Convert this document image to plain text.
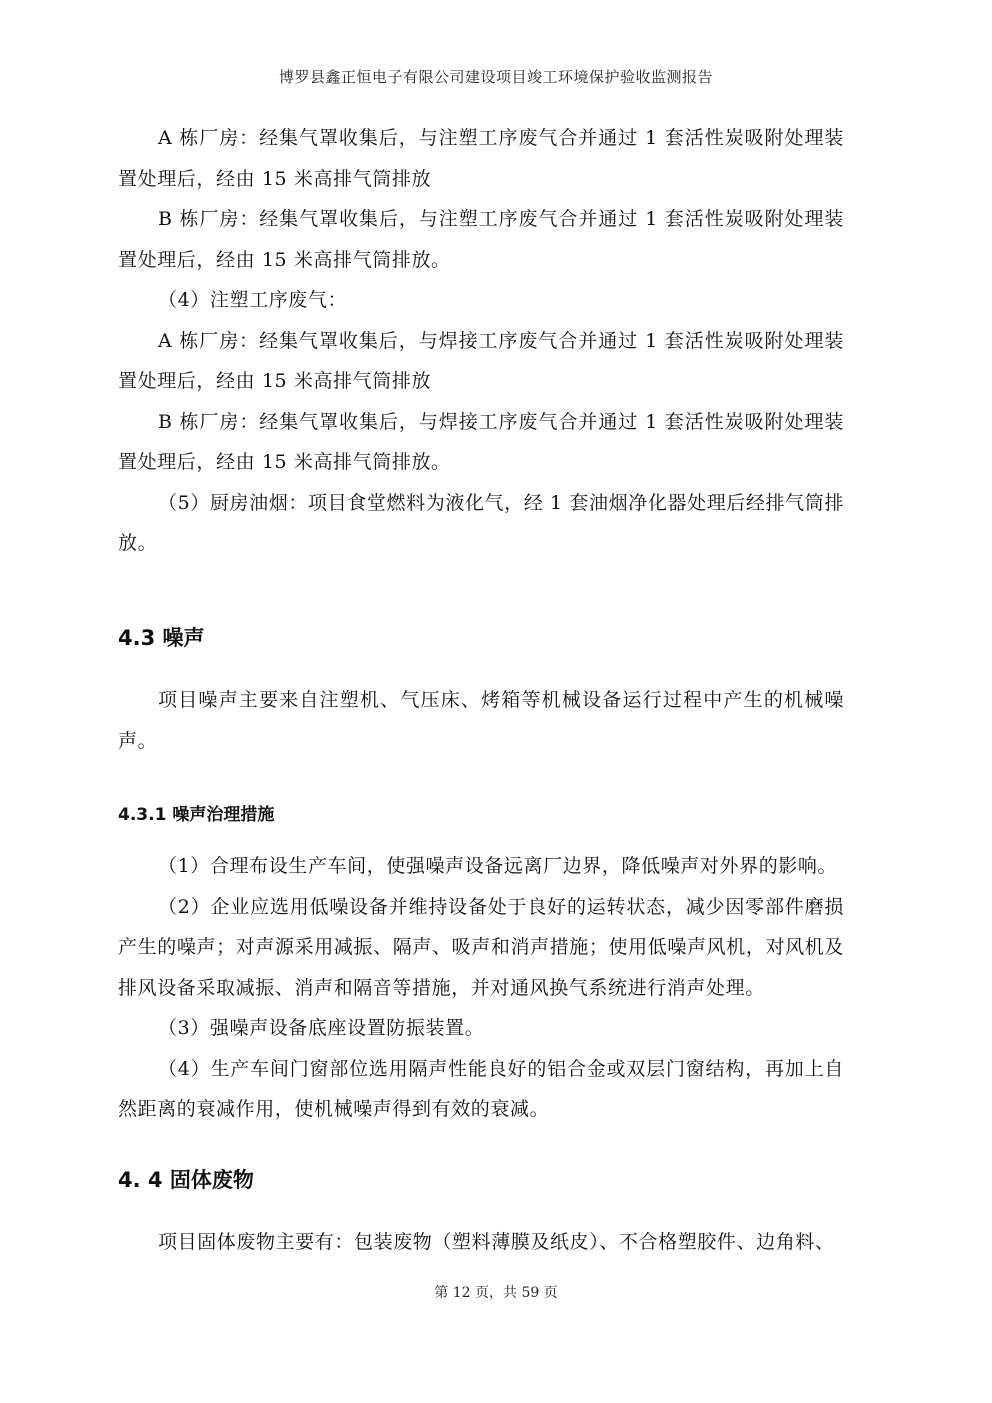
博罗县鑫正恒电子有限公司建设项目竣工环境保护验收监测报告

A 栋厂房：经集气罩收集后，与注塑工序废气合并通过 1 套活性炭吸附处理装置处理后，经由 15 米高排气筒排放

B 栋厂房：经集气罩收集后，与注塑工序废气合并通过 1 套活性炭吸附处理装置处理后，经由 15 米高排气筒排放。

（4）注塑工序废气：

A 栋厂房：经集气罩收集后，与焊接工序废气合并通过 1 套活性炭吸附处理装置处理后，经由 15 米高排气筒排放

B 栋厂房：经集气罩收集后，与焊接工序废气合并通过 1 套活性炭吸附处理装置处理后，经由 15 米高排气筒排放。

（5）厨房油烟：项目食堂燃料为液化气，经 1 套油烟净化器处理后经排气筒排放。

4.3 噪声

项目噪声主要来自注塑机、气压床、烤箱等机械设备运行过程中产生的机械噪声。

4.3.1 噪声治理措施

（1）合理布设生产车间，使强噪声设备远离厂边界，降低噪声对外界的影响。

（2）企业应选用低噪设备并维持设备处于良好的运转状态，减少因零部件磨损产生的噪声；对声源采用减振、隔声、吸声和消声措施；使用低噪声风机，对风机及排风设备采取减振、消声和隔音等措施，并对通风换气系统进行消声处理。

（3）强噪声设备底座设置防振装置。

（4）生产车间门窗部位选用隔声性能良好的铝合金或双层门窗结构，再加上自然距离的衰减作用，使机械噪声得到有效的衰减。

4. 4 固体废物

项目固体废物主要有：包装废物（塑料薄膜及纸皮）、不合格塑胶件、边角料、

第 12 页，共 59 页
